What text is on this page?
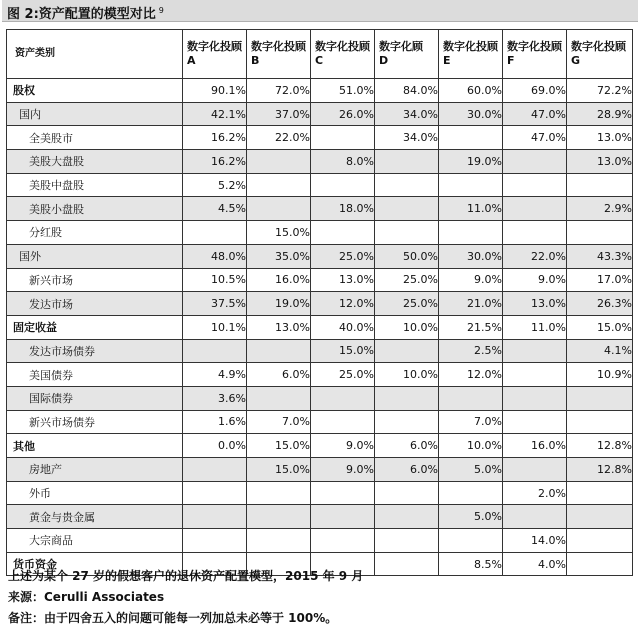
图 2:资产配置的模型对比 $^9$
资产类别	数字化投顾 A	数字化投顾 B	数字化投顾 C	数字化顾 D	数字化投顾 E	数字化投顾 F	数字化投顾 G
股权	90.1%	72.0%	51.0%	84.0%	60.0%	69.0%	72.2%
国内	42.1%	37.0%	26.0%	34.0%	30.0%	47.0%	28.9%
全美股市	16.2%	22.0%		34.0%		47.0%	13.0%
美股大盘股	16.2%		8.0%		19.0%		13.0%
美股中盘股	5.2%						
美股小盘股	4.5%		18.0%		11.0%		2.9%
分红股		15.0%					
国外	48.0%	35.0%	25.0%	50.0%	30.0%	22.0%	43.3%
新兴市场	10.5%	16.0%	13.0%	25.0%	9.0%	9.0%	17.0%
发达市场	37.5%	19.0%	12.0%	25.0%	21.0%	13.0%	26.3%
固定收益	10.1%	13.0%	40.0%	10.0%	21.5%	11.0%	15.0%
发达市场债券			15.0%		2.5%		4.1%
美国债券	4.9%	6.0%	25.0%	10.0%	12.0%		10.9%
国际债券	3.6%						
新兴市场债券	1.6%	7.0%			7.0%		
其他	0.0%	15.0%	9.0%	6.0%	10.0%	16.0%	12.8%
房地产		15.0%	9.0%	6.0%	5.0%		12.8%
外币						2.0%	
黄金与贵金属					5.0%		
大宗商品						14.0%	
货币资金					8.5%	4.0%	
上述为某个 27 岁的假想客户的退休资产配置模型，2015 年 9 月
来源：Cerulli Associates
备注：由于四舍五入的问题可能每一列加总未必等于 100%。
